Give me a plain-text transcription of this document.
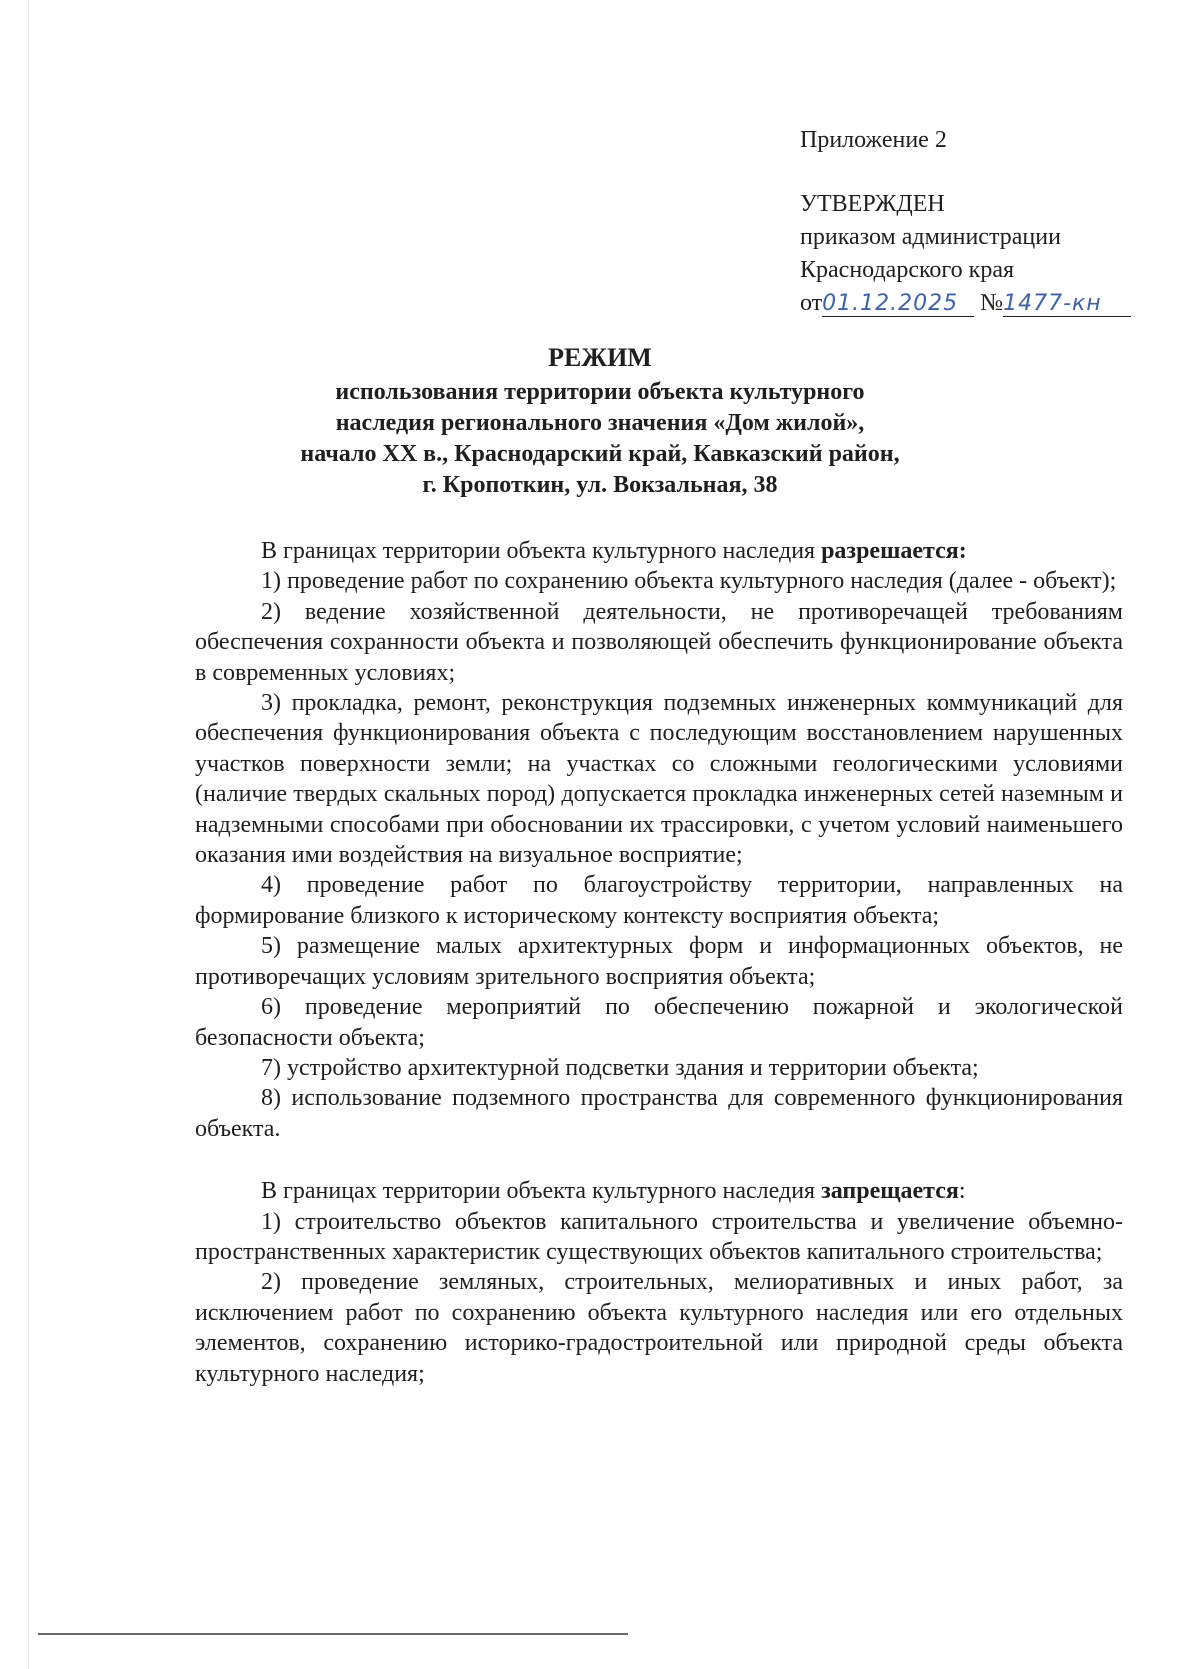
Приложение 2
УТВЕРЖДЕН
приказом администрации
Краснодарского края
от01.12.2025 №1477-кн
РЕЖИМ
использования территории объекта культурного
наследия регионального значения «Дом жилой»,
начало XX в., Краснодарский край, Кавказский район,
г. Кропоткин, ул. Вокзальная, 38

В границах территории объекта культурного наследия разрешается:

1) проведение работ по сохранению объекта культурного наследия (далее - объект);

2) ведение хозяйственной деятельности, не противоречащей требованиям обеспечения сохранности объекта и позволяющей обеспечить функционирование объекта в современных условиях;

3) прокладка, ремонт, реконструкция подземных инженерных коммуникаций для обеспечения функционирования объекта с последующим восстановлением нарушенных участков поверхности земли; на участках со сложными геологическими условиями (наличие твердых скальных пород) допускается прокладка инженерных сетей наземным и надземными способами при обосновании их трассировки, с учетом условий наименьшего оказания ими воздействия на визуальное восприятие;

4) проведение работ по благоустройству территории, направленных на формирование близкого к историческому контексту восприятия объекта;

5) размещение малых архитектурных форм и информационных объектов, не противоречащих условиям зрительного восприятия объекта;

6) проведение мероприятий по обеспечению пожарной и экологической безопасности объекта;

7) устройство архитектурной подсветки здания и территории объекта;

8) использование подземного пространства для современного функционирования объекта.

В границах территории объекта культурного наследия запрещается:

1) строительство объектов капитального строительства и увеличение объемно-пространственных характеристик существующих объектов капитального строительства;

2) проведение земляных, строительных, мелиоративных и иных работ, за исключением работ по сохранению объекта культурного наследия или его отдельных элементов, сохранению историко-градостроительной или природной среды объекта культурного наследия;
